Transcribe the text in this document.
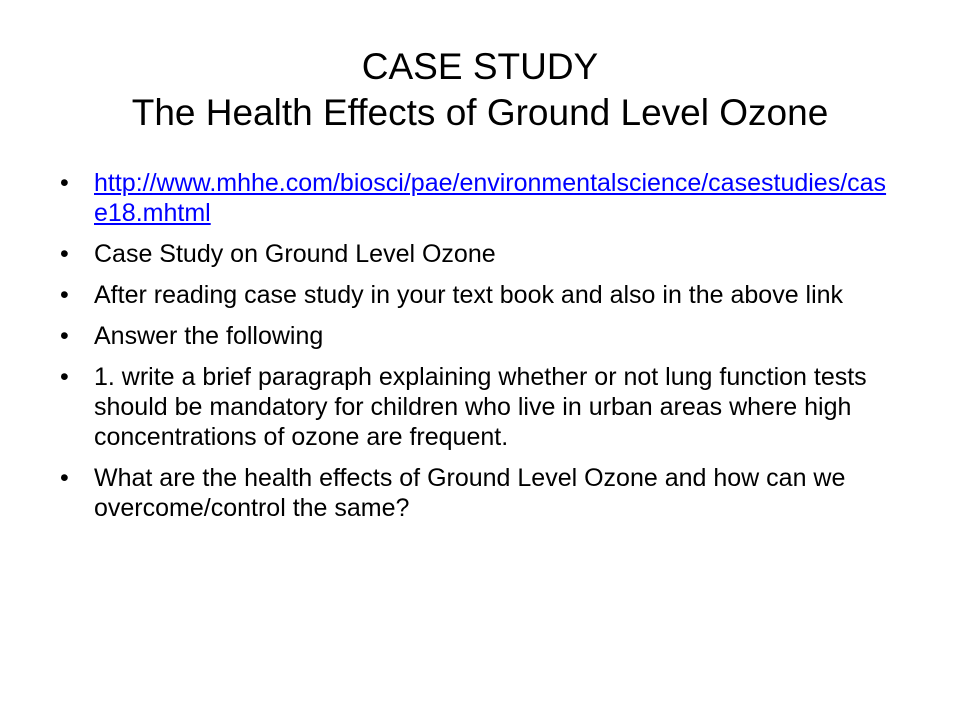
CASE STUDY
The Health Effects of Ground Level Ozone
•	http://www.mhhe.com/biosci/pae/environmentalscience/casestudies/case18.mhtml
•	Case Study on Ground Level Ozone
•	After reading case study in your text book and also in the above link
•	Answer the following
•	1. write a brief paragraph explaining whether or not lung function tests should be mandatory for children who live in urban areas where high concentrations of ozone are frequent.
•	What are the health effects of Ground Level Ozone and how can we overcome/control the same?
